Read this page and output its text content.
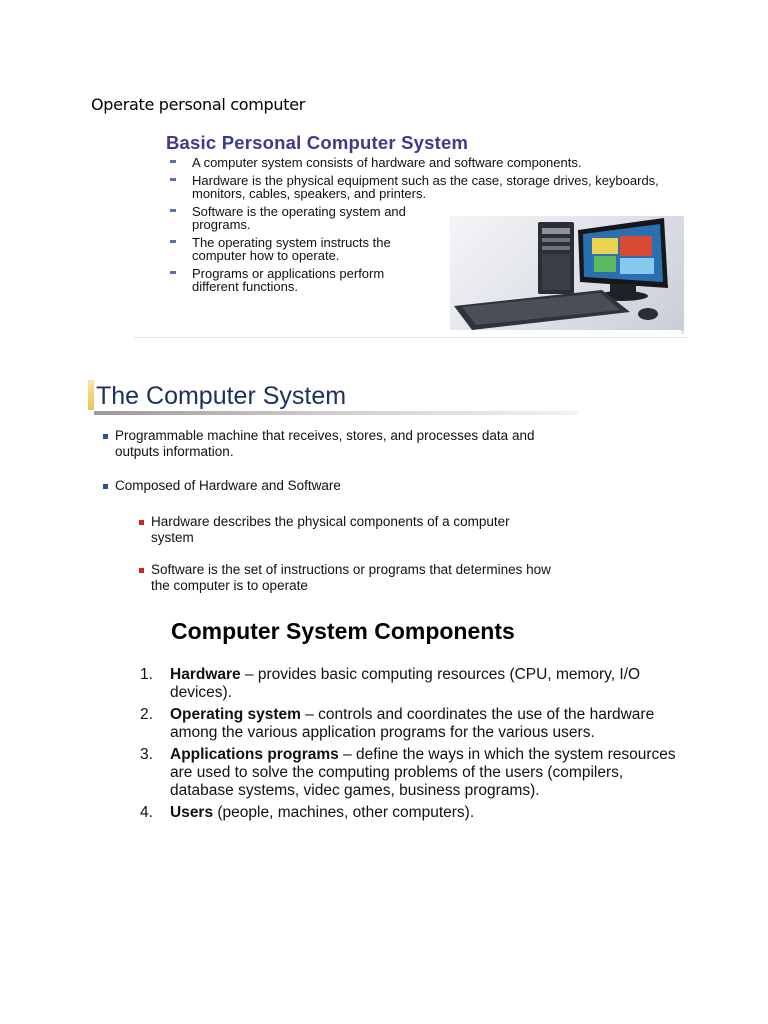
Operate personal computer
Basic Personal Computer System
A computer system consists of hardware and software components.
Hardware is the physical equipment such as the case, storage drives, keyboards, monitors, cables, speakers, and printers.
Software is the operating system and programs.
The operating system instructs the computer how to operate.
Programs or applications perform different functions.
2
The Computer System
Programmable machine that receives, stores, and processes data and outputs information.
Composed of Hardware and Software
Hardware describes the physical components of a computer system
Software is the set of instructions or programs that determines how the computer is to operate
Computer System Components
1. Hardware – provides basic computing resources (CPU, memory, I/O devices).
2. Operating system – controls and coordinates the use of the hardware among the various application programs for the various users.
3. Applications programs – define the ways in which the system resources are used to solve the computing problems of the users (compilers, database systems, videc games, business programs).
4. Users (people, machines, other computers).
